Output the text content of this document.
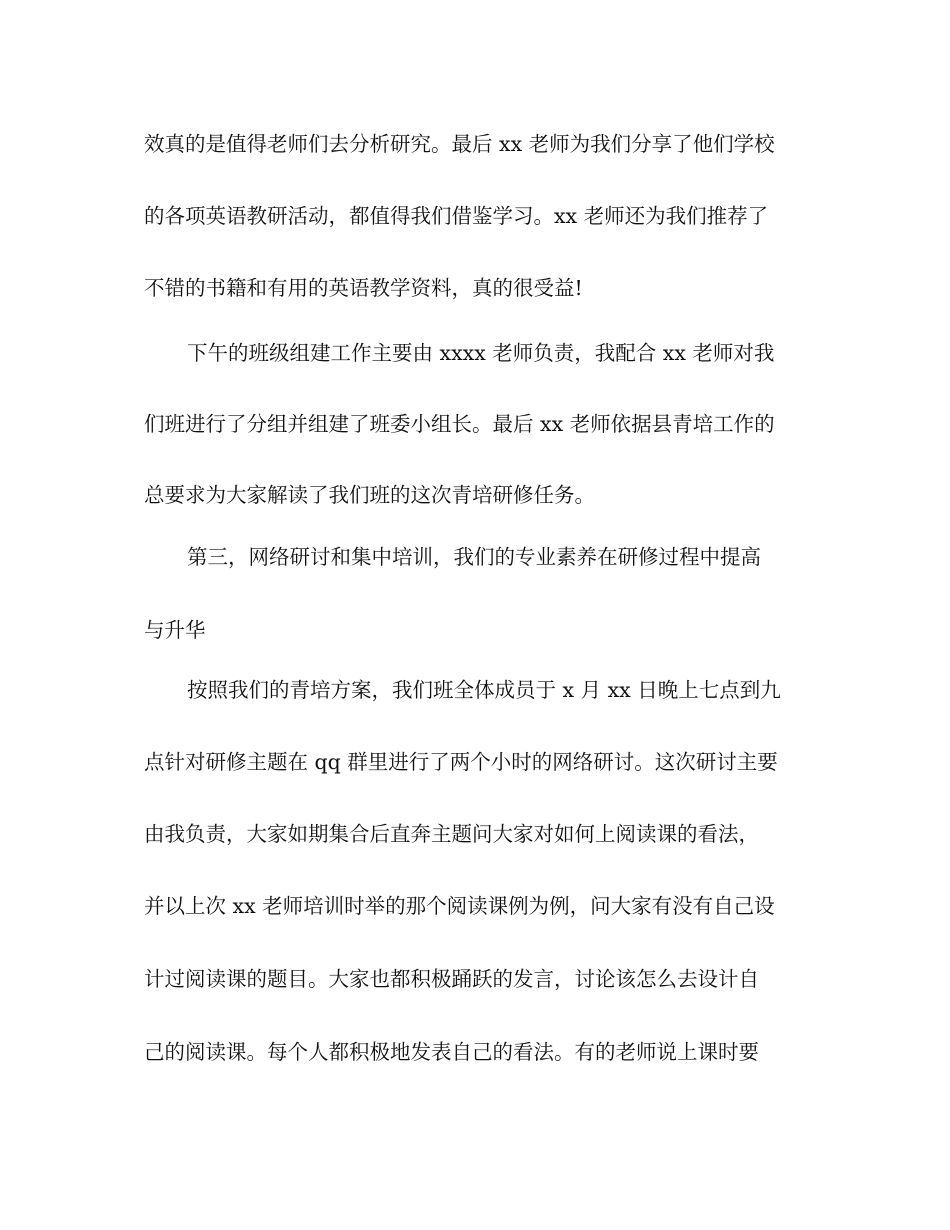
效真的是值得老师们去分析研究。最后 xx 老师为我们分享了他们学校
的各项英语教研活动，都值得我们借鉴学习。xx 老师还为我们推荐了
不错的书籍和有用的英语教学资料，真的很受益!
下午的班级组建工作主要由 xxxx 老师负责，我配合 xx 老师对我
们班进行了分组并组建了班委小组长。最后 xx 老师依据县青培工作的
总要求为大家解读了我们班的这次青培研修任务。
第三，网络研讨和集中培训，我们的专业素养在研修过程中提高
与升华
按照我们的青培方案，我们班全体成员于 x 月 xx 日晚上七点到九
点针对研修主题在 qq 群里进行了两个小时的网络研讨。这次研讨主要
由我负责，大家如期集合后直奔主题问大家对如何上阅读课的看法，
并以上次 xx 老师培训时举的那个阅读课例为例，问大家有没有自己设
计过阅读课的题目。大家也都积极踊跃的发言，讨论该怎么去设计自
己的阅读课。每个人都积极地发表自己的看法。有的老师说上课时要
